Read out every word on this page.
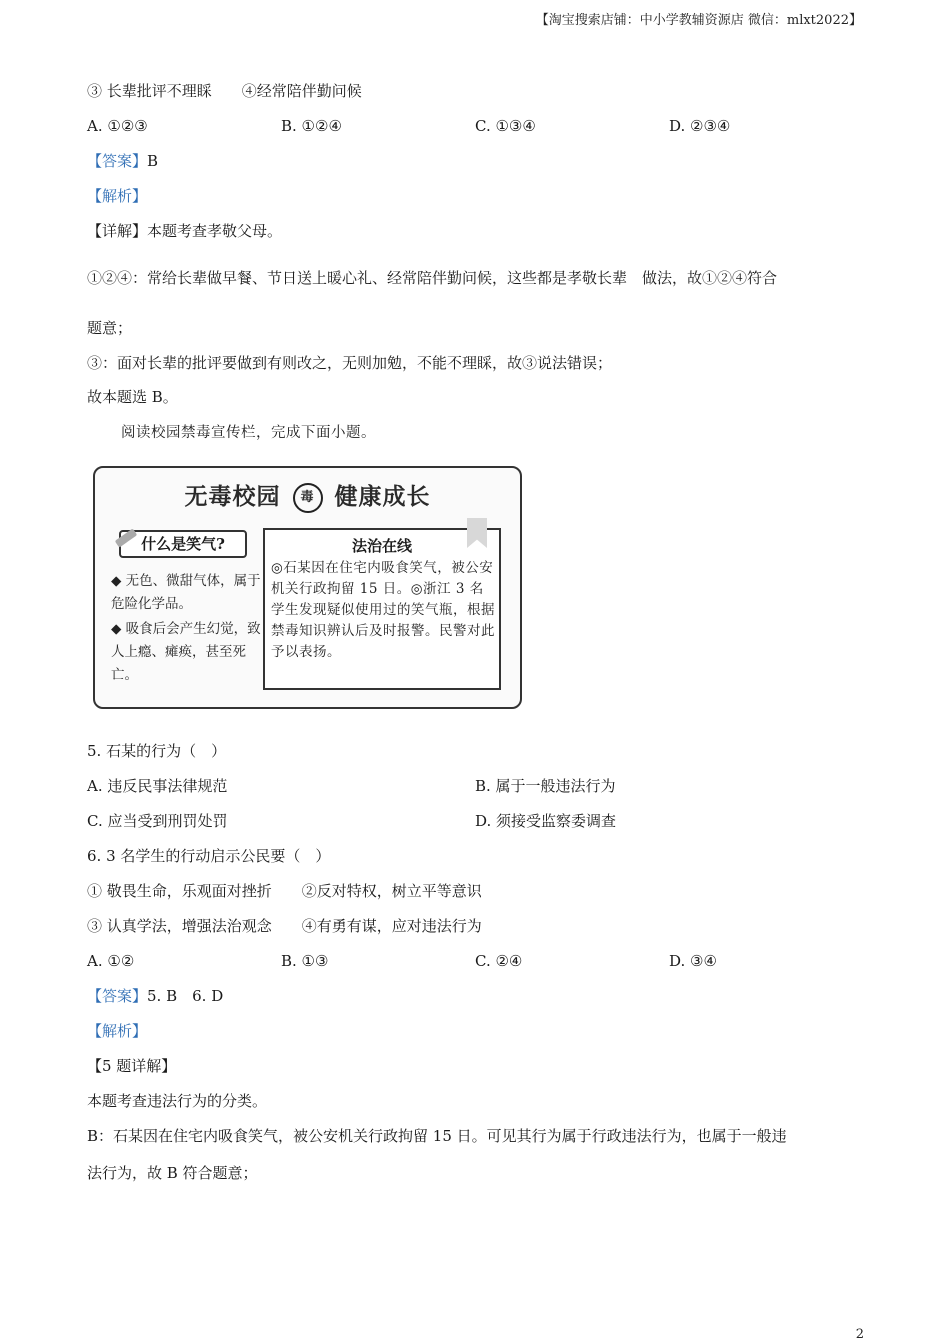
【淘宝搜索店铺：中小学教辅资源店 微信：mlxt2022】
③ 长辈批评不理睬　　④经常陪伴勤问候
A. ①②③	B. ①②④	C. ①③④	D. ②③④
【答案】B
【解析】
【详解】本题考查孝敬父母。
①②④：常给长辈做早餐、节日送上暖心礼、经常陪伴勤问候，这些都是孝敬长辈　做法，故①②④符合
题意；
③：面对长辈的批评要做到有则改之，无则加勉，不能不理睬，故③说法错误；
故本题选 B。
阅读校园禁毒宣传栏，完成下面小题。
无毒校园 毒 健康成长
什么是笑气?
◆ 无色、微甜气体，属于危险化学品。
◆ 吸食后会产生幻觉，致人上瘾、瘫痪，甚至死亡。
法治在线
◎石某因在住宅内吸食笑气，被公安机关行政拘留 15 日。◎浙江 3 名学生发现疑似使用过的笑气瓶，根据禁毒知识辨认后及时报警。民警对此予以表扬。
5. 石某的行为（　）
A. 违反民事法律规范	B. 属于一般违法行为
C. 应当受到刑罚处罚	D. 须接受监察委调查
6. 3 名学生的行动启示公民要（　）
① 敬畏生命，乐观面对挫折　　②反对特权，树立平等意识
③ 认真学法，增强法治观念　　④有勇有谋，应对违法行为
A. ①②	B. ①③	C. ②④	D. ③④
【答案】5. B　6. D
【解析】
【5 题详解】
本题考查违法行为的分类。
B：石某因在住宅内吸食笑气，被公安机关行政拘留 15 日。可见其行为属于行政违法行为，也属于一般违
法行为，故 B 符合题意；
2
